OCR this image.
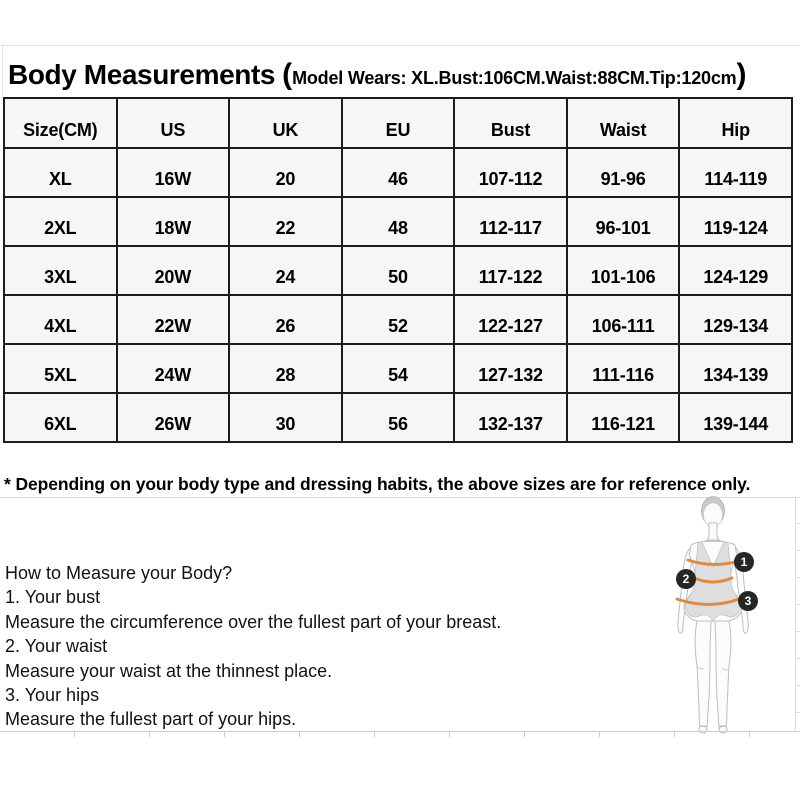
Body Measurements ( Model Wears: XL.Bust:106CM.Waist:88CM.Tip:120cm )
Size(CM)	US	UK	EU	Bust	Waist	Hip
XL	16W	20	46	107-112	91-96	114-119
2XL	18W	22	48	112-117	96-101	119-124
3XL	20W	24	50	117-122	101-106	124-129
4XL	22W	26	52	122-127	106-111	129-134
5XL	24W	28	54	127-132	111-116	134-139
6XL	26W	30	56	132-137	116-121	139-144
* Depending on your body type and dressing habits, the above sizes are for reference only.
How to Measure your Body?
1. Your bust
Measure the circumference over the fullest part of your breast.
2. Your waist
Measure your waist at the thinnest place.
3. Your hips
Measure the fullest part of your hips.
1
2
3
